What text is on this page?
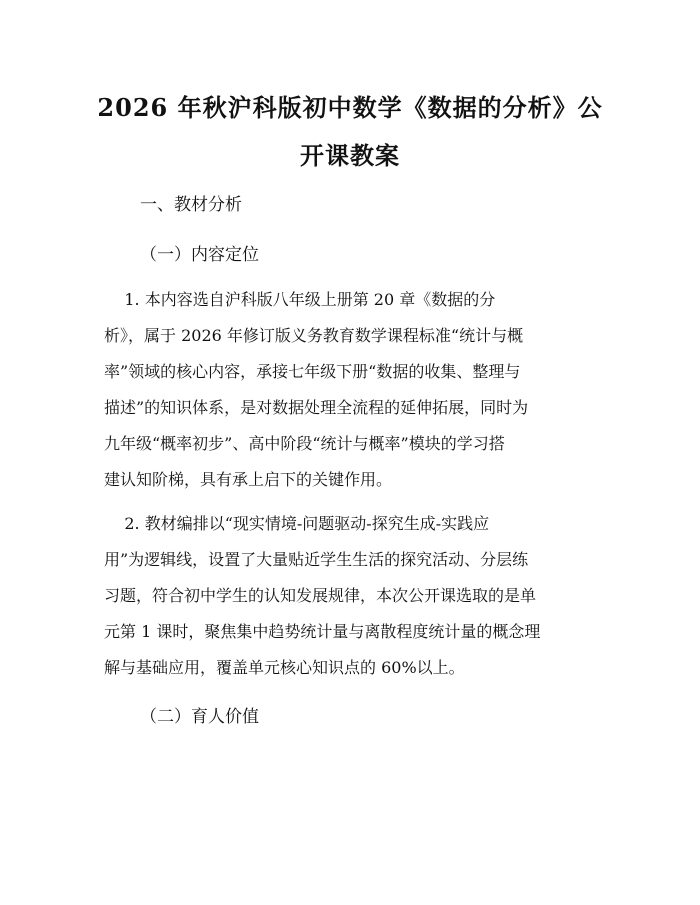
2026 年秋沪科版初中数学《数据的分析》公
开课教案

一、教材分析

（一）内容定位

1. 本内容选自沪科版八年级上册第 20 章《数据的分
析》，属于 2026 年修订版义务教育数学课程标准“统计与概
率”领域的核心内容，承接七年级下册“数据的收集、整理与
描述”的知识体系，是对数据处理全流程的延伸拓展，同时为
九年级“概率初步”、高中阶段“统计与概率”模块的学习搭
建认知阶梯，具有承上启下的关键作用。
2. 教材编排以“现实情境-问题驱动-探究生成-实践应
用”为逻辑线，设置了大量贴近学生生活的探究活动、分层练
习题，符合初中学生的认知发展规律，本次公开课选取的是单
元第 1 课时，聚焦集中趋势统计量与离散程度统计量的概念理
解与基础应用，覆盖单元核心知识点的 60%以上。

（二）育人价值
